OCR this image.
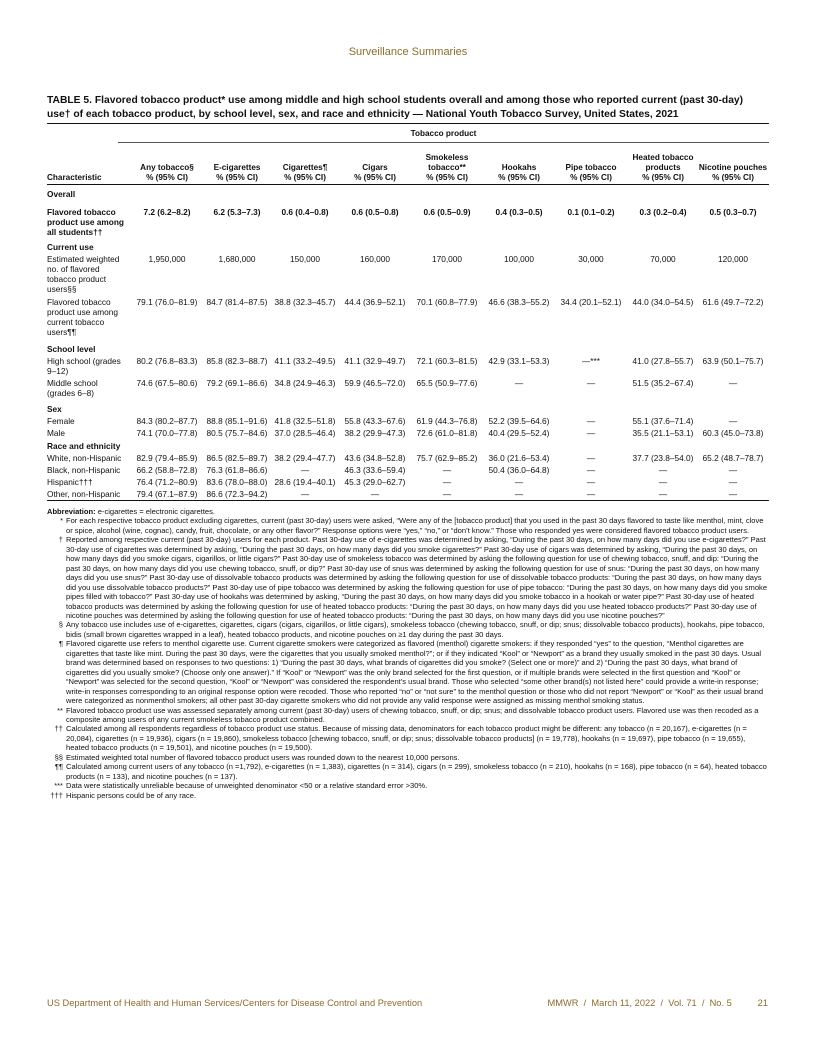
Surveillance Summaries
TABLE 5. Flavored tobacco product* use among middle and high school students overall and among those who reported current (past 30-day) use† of each tobacco product, by school level, sex, and race and ethnicity — National Youth Tobacco Survey, United States, 2021
Tobacco product
Characteristic
Any tobacco§
% (95% CI)
E-cigarettes
% (95% CI)
Cigarettes¶
% (95% CI)
Cigars
% (95% CI)
Smokeless tobacco**
% (95% CI)
Hookahs
% (95% CI)
Pipe tobacco
% (95% CI)
Heated tobacco products
% (95% CI)
Nicotine pouches
% (95% CI)
Overall
Flavored tobacco product use among all students††
7.2 (6.2–8.2)	6.2 (5.3–7.3)	0.6 (0.4–0.8)	0.6 (0.5–0.8)	0.6 (0.5–0.9)	0.4 (0.3–0.5)	0.1 (0.1–0.2)	0.3 (0.2–0.4)	0.5 (0.3–0.7)
Current use
Estimated weighted no. of flavored tobacco product users§§
1,950,000	1,680,000	150,000	160,000	170,000	100,000	30,000	70,000	120,000
Flavored tobacco product use among current tobacco users¶¶
79.1 (76.0–81.9)	84.7 (81.4–87.5) 38.8 (32.3–45.7)	44.4 (36.9–52.1)	70.1 (60.8–77.9)	46.6 (38.3–55.2)	34.4 (20.1–52.1)	44.0 (34.0–54.5)	61.6 (49.7–72.2)
School level
High school (grades 9–12)
80.2 (76.8–83.3)	85.8 (82.3–88.7) 41.1 (33.2–49.5)	41.1 (32.9–49.7)	72.1 (60.3–81.5)	42.9 (33.1–53.3)	—***	41.0 (27.8–55.7)	63.9 (50.1–75.7)
Middle school (grades 6–8)
74.6 (67.5–80.6)	79.2 (69.1–86.6) 34.8 (24.9–46.3)	59.9 (46.5–72.0)	65.5 (50.9–77.6)	—	—	51.5 (35.2–67.4)	—
Sex
Female	84.3 (80.2–87.7)	88.8 (85.1–91.6) 41.8 (32.5–51.8)	55.8 (43.3–67.6)	61.9 (44.3–76.8)	52.2 (39.5–64.6)	—	55.1 (37.6–71.4)	—
Male	74.1 (70.0–77.8)	80.5 (75.7–84.6) 37.0 (28.5–46.4)	38.2 (29.9–47.3)	72.6 (61.0–81.8)	40.4 (29.5–52.4)	—	35.5 (21.1–53.1)	60.3 (45.0–73.8)
Race and ethnicity
White, non-Hispanic	82.9 (79.4–85.9)	86.5 (82.5–89.7) 38.2 (29.4–47.7)	43.6 (34.8–52.8)	75.7 (62.9–85.2)	36.0 (21.6–53.4)	—	37.7 (23.8–54.0)	65.2 (48.7–78.7)
Black, non-Hispanic	66.2 (58.8–72.8)	76.3 (61.8–86.6)	—	46.3 (33.6–59.4)	—	50.4 (36.0–64.8)	—	—	—
Hispanic†††	76.4 (71.2–80.9)	83.6 (78.0–88.0) 28.6 (19.4–40.1)	45.3 (29.0–62.7)	—	—	—	—	—
Other, non-Hispanic	79.4 (67.1–87.9)	86.6 (72.3–94.2)	—	—	—	—	—	—	—

Abbreviation: e-cigarettes = electronic cigarettes.

* For each respective tobacco product excluding cigarettes, current (past 30-day) users were asked, “Were any of the [tobacco product] that you used in the past 30 days flavored to taste like menthol, mint, clove or spice, alcohol (wine, cognac), candy, fruit, chocolate, or any other flavor?” Response options were “yes,” “no,” or “don’t know.” Those who responded yes were considered flavored tobacco product users.
† Reported among respective current (past 30-day) users for each product. Past 30-day use of e-cigarettes was determined by asking, “During the past 30 days, on how many days did you use e-cigarettes?” Past 30-day use of cigarettes was determined by asking, “During the past 30 days, on how many days did you smoke cigarettes?” Past 30-day use of cigars was determined by asking, “During the past 30 days, on how many days did you smoke cigars, cigarillos, or little cigars?” Past 30-day use of smokeless tobacco was determined by asking the following question for use of chewing tobacco, snuff, and dip: “During the past 30 days, on how many days did you use chewing tobacco, snuff, or dip?” Past 30-day use of snus was determined by asking the following question for use of snus: “During the past 30 days, on how many days did you use snus?” Past 30-day use of dissolvable tobacco products was determined by asking the following question for use of dissolvable tobacco products: “During the past 30 days, on how many days did you use dissolvable tobacco products?” Past 30-day use of pipe tobacco was determined by asking the following question for use of pipe tobacco: “During the past 30 days, on how many days did you smoke pipes filled with tobacco?” Past 30-day use of hookahs was determined by asking, “During the past 30 days, on how many days did you smoke tobacco in a hookah or water pipe?” Past 30-day use of heated tobacco products was determined by asking the following question for use of heated tobacco products: “During the past 30 days, on how many days did you use heated tobacco products?” Past 30-day use of nicotine pouches was determined by asking the following question for use of heated tobacco products: “During the past 30 days, on how many days did you use nicotine pouches?”
§ Any tobacco use includes use of e-cigarettes, cigarettes, cigars (cigars, cigarillos, or little cigars), smokeless tobacco (chewing tobacco, snuff, or dip; snus; dissolvable tobacco products), hookahs, pipe tobacco, bidis (small brown cigarettes wrapped in a leaf), heated tobacco products, and nicotine pouches on ≥1 day during the past 30 days.
¶ Flavored cigarette use refers to menthol cigarette use. Current cigarette smokers were categorized as flavored (menthol) cigarette smokers: if they responded “yes” to the question, “Menthol cigarettes are cigarettes that taste like mint. During the past 30 days, were the cigarettes that you usually smoked menthol?”; or if they indicated “Kool” or “Newport” as a brand they usually smoked in the past 30 days. Usual brand was determined based on responses to two questions: 1) “During the past 30 days, what brands of cigarettes did you smoke? (Select one or more)” and 2) “During the past 30 days, what brand of cigarettes did you usually smoke? (Choose only one answer).” If “Kool” or “Newport” was the only brand selected for the first question, or if multiple brands were selected in the first question and “Kool” or “Newport” was selected for the second question, “Kool” or “Newport” was considered the respondent’s usual brand. Those who selected “some other brand(s) not listed here” could provide a write-in response; write-in responses corresponding to an original response option were recoded. Those who reported “no” or “not sure” to the menthol question or those who did not report “Newport” or “Kool” as their usual brand were categorized as nonmenthol smokers; all other past 30-day cigarette smokers who did not provide any valid response were assigned as missing menthol smoking status.
** Flavored tobacco product use was assessed separately among current (past 30-day) users of chewing tobacco, snuff, or dip; snus; and dissolvable tobacco product users. Flavored use was then recoded as a composite among users of any current smokeless tobacco product combined.
†† Calculated among all respondents regardless of tobacco product use status. Because of missing data, denominators for each tobacco product might be different: any tobacco (n = 20,167), e-cigarettes (n = 20,084), cigarettes (n = 19,936), cigars (n = 19,860), smokeless tobacco [chewing tobacco, snuff, or dip; snus; dissolvable tobacco products] (n = 19,778), hookahs (n = 19,697), pipe tobacco (n = 19,655), heated tobacco products (n = 19,501), and nicotine pouches (n = 19,500).
§§ Estimated weighted total number of flavored tobacco product users was rounded down to the nearest 10,000 persons.
¶¶ Calculated among current users of any tobacco (n =1,792), e-cigarettes (n = 1,383), cigarettes (n = 314), cigars (n = 299), smokeless tobacco (n = 210), hookahs (n = 168), pipe tobacco (n = 64), heated tobacco products (n = 133), and nicotine pouches (n = 137).
*** Data were statistically unreliable because of unweighted denominator <50 or a relative standard error >30%.
††† Hispanic persons could be of any race.
US Department of Health and Human Services/Centers for Disease Control and Prevention	MMWR  /  March 11, 2022  /  Vol. 71  /  No. 5          21
